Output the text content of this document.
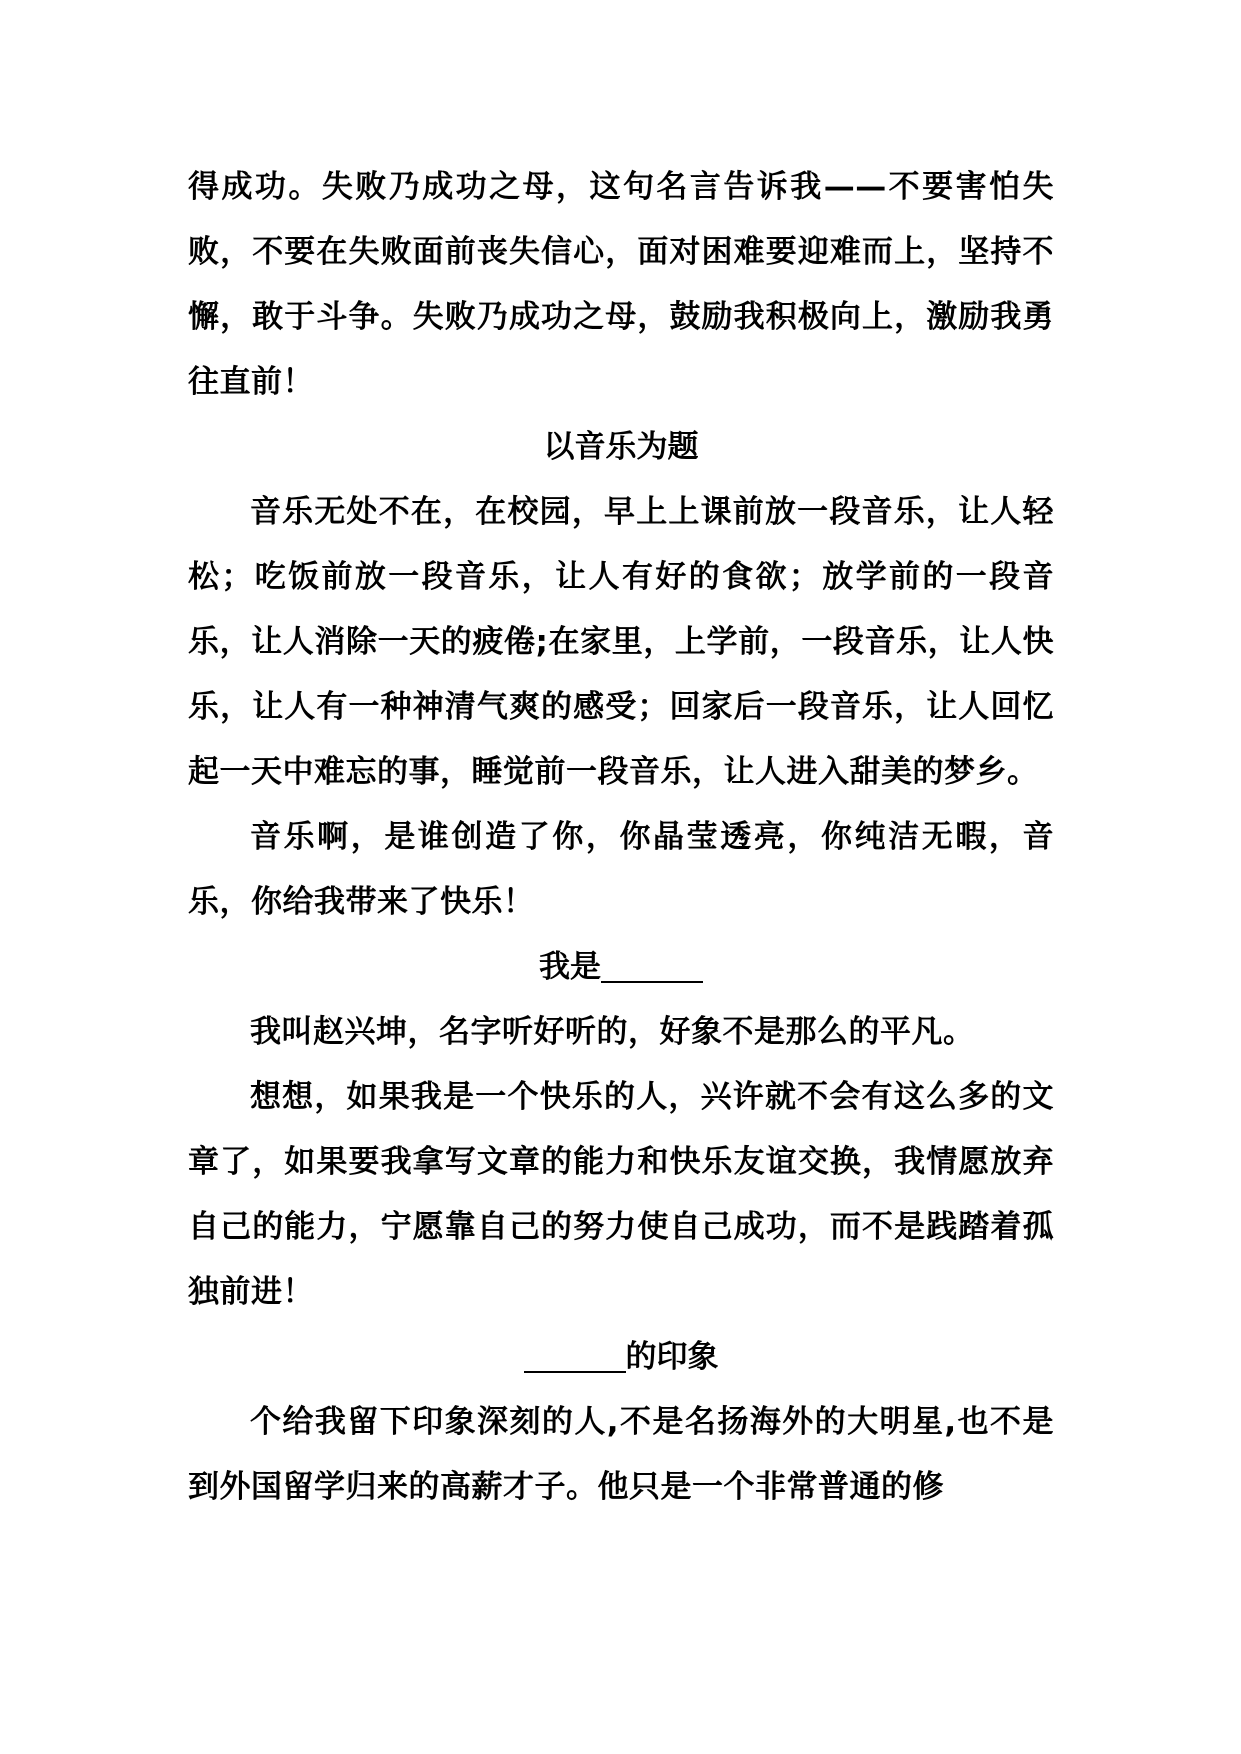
得成功。失败乃成功之母，这句名言告诉我——不要害怕失败，不要在失败面前丧失信心，面对困难要迎难而上，坚持不懈，敢于斗争。失败乃成功之母，鼓励我积极向上，激励我勇往直前！

以音乐为题

音乐无处不在，在校园，早上上课前放一段音乐，让人轻松；吃饭前放一段音乐，让人有好的食欲；放学前的一段音乐，让人消除一天的疲倦;在家里，上学前，一段音乐，让人快乐，让人有一种神清气爽的感受；回家后一段音乐，让人回忆起一天中难忘的事，睡觉前一段音乐，让人进入甜美的梦乡。

音乐啊，是谁创造了你，你晶莹透亮，你纯洁无暇，音乐，你给我带来了快乐！

我是

我叫赵兴坤，名字听好听的，好象不是那么的平凡。

想想，如果我是一个快乐的人，兴许就不会有这么多的文章了，如果要我拿写文章的能力和快乐友谊交换，我情愿放弃自己的能力，宁愿靠自己的努力使自己成功，而不是践踏着孤独前进！

的印象

个给我留下印象深刻的人,不是名扬海外的大明星,也不是到外国留学归来的高薪才子。他只是一个非常普通的修
